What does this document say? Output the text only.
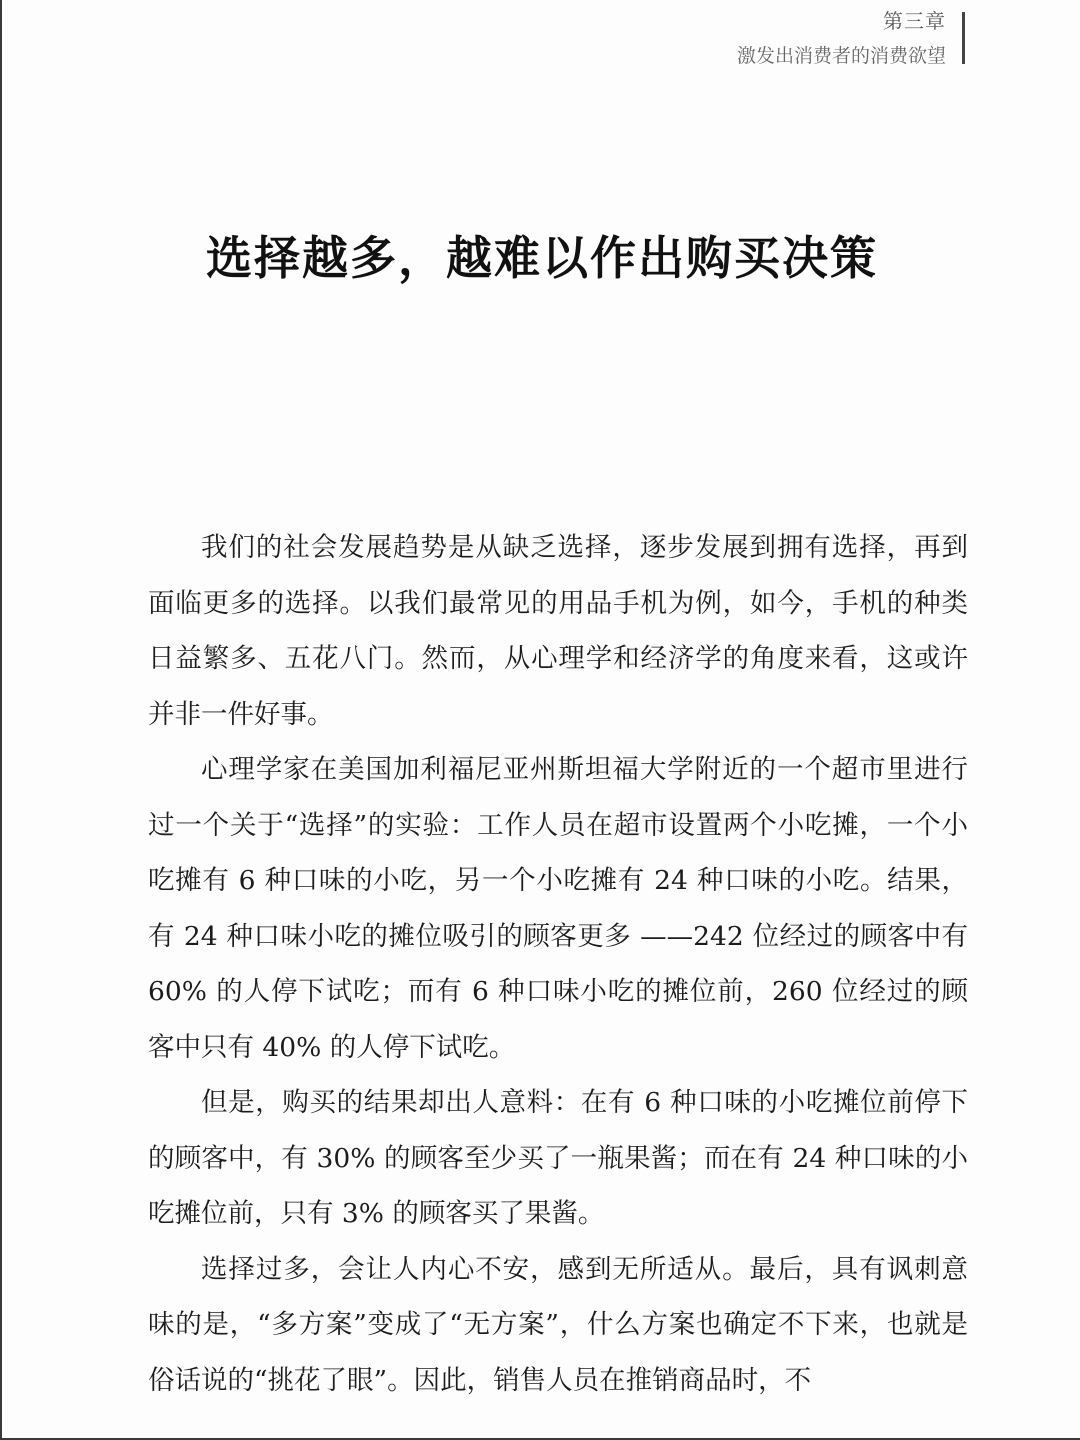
第三章
激发出消费者的消费欲望
选择越多，越难以作出购买决策

我们的社会发展趋势是从缺乏选择，逐步发展到拥有选择，再到面临更多的选择。以我们最常见的用品手机为例，如今，手机的种类日益繁多、五花八门。然而，从心理学和经济学的角度来看，这或许并非一件好事。

心理学家在美国加利福尼亚州斯坦福大学附近的一个超市里进行过一个关于“选择”的实验：工作人员在超市设置两个小吃摊，一个小吃摊有 6 种口味的小吃，另一个小吃摊有 24 种口味的小吃。结果，有 24 种口味小吃的摊位吸引的顾客更多 ——242 位经过的顾客中有 60% 的人停下试吃；而有 6 种口味小吃的摊位前，260 位经过的顾客中只有 40% 的人停下试吃。

但是，购买的结果却出人意料：在有 6 种口味的小吃摊位前停下的顾客中，有 30% 的顾客至少买了一瓶果酱；而在有 24 种口味的小吃摊位前，只有 3% 的顾客买了果酱。

选择过多，会让人内心不安，感到无所适从。最后，具有讽刺意味的是，“多方案”变成了“无方案”，什么方案也确定不下来，也就是俗话说的“挑花了眼”。因此，销售人员在推销商品时，不
